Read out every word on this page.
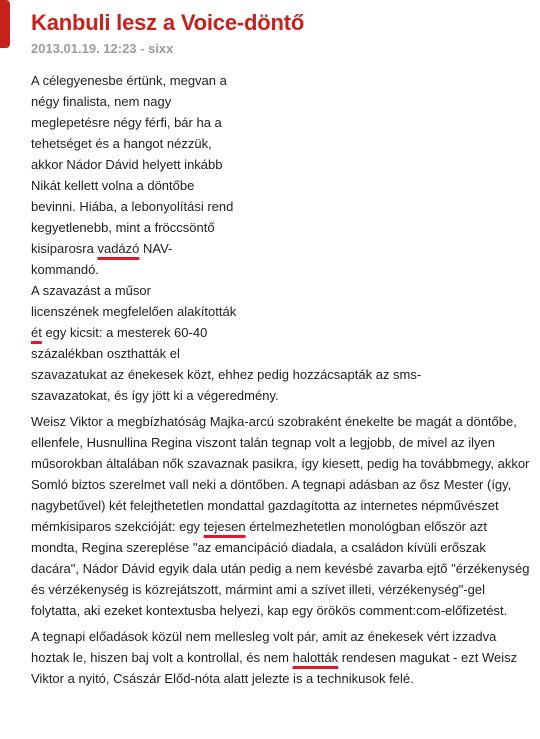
Kanbuli lesz a Voice-döntő
2013.01.19. 12:23 - sixx

A célegyenesbe értünk, megvan a
négy finalista, nem nagy
meglepetésre négy férfi, bár ha a
tehetséget és a hangot nézzük,
akkor Nádor Dávid helyett inkább
Nikát kellett volna a döntőbe
bevinni. Hiába, a lebonyolítási rend
kegyetlenebb, mint a fröccsöntő
kisiparosra vadázó NAV-
kommandó.
A szavazást a műsor
licenszének megfelelően alakították
ét egy kicsit: a mesterek 60-40
százalékban oszthatták el
szavazatukat az énekesek közt, ehhez pedig hozzácsapták az sms-
szavazatokat, és így jött ki a végeredmény.

Weisz Viktor a megbízhatóság Majka-arcú szobraként énekelte be magát a döntőbe, ellenfele, Husnullina Regina viszont talán tegnap volt a legjobb, de mivel az ilyen műsorokban általában nők szavaznak pasikra, így kiesett, pedig ha továbbmegy, akkor Somló biztos szerelmet vall neki a döntőben. A tegnapi adásban az ősz Mester (így, nagybetűvel) két felejthetetlen mondattal gazdagította az internetes népművészet mémkisiparos szekcióját: egy tejesen értelmezhetetlen monológban először azt mondta, Regina szereplése "az emancipáció diadala, a családon kívüli erőszak dacára", Nádor Dávid egyik dala után pedig a nem kevésbé zavarba ejtő "érzékenység és vérzékenység is közrejátszott, mármint ami a szívet illeti, vérzékenység"-gel folytatta, aki ezeket kontextusba helyezi, kap egy örökös comment:com-előfizetést.

A tegnapi előadások közül nem mellesleg volt pár, amit az énekesek vért izzadva hoztak le, hiszen baj volt a kontrollal, és nem halották rendesen magukat - ezt Weisz Viktor a nyitó, Császár Előd-nóta alatt jelezte is a technikusok felé.
